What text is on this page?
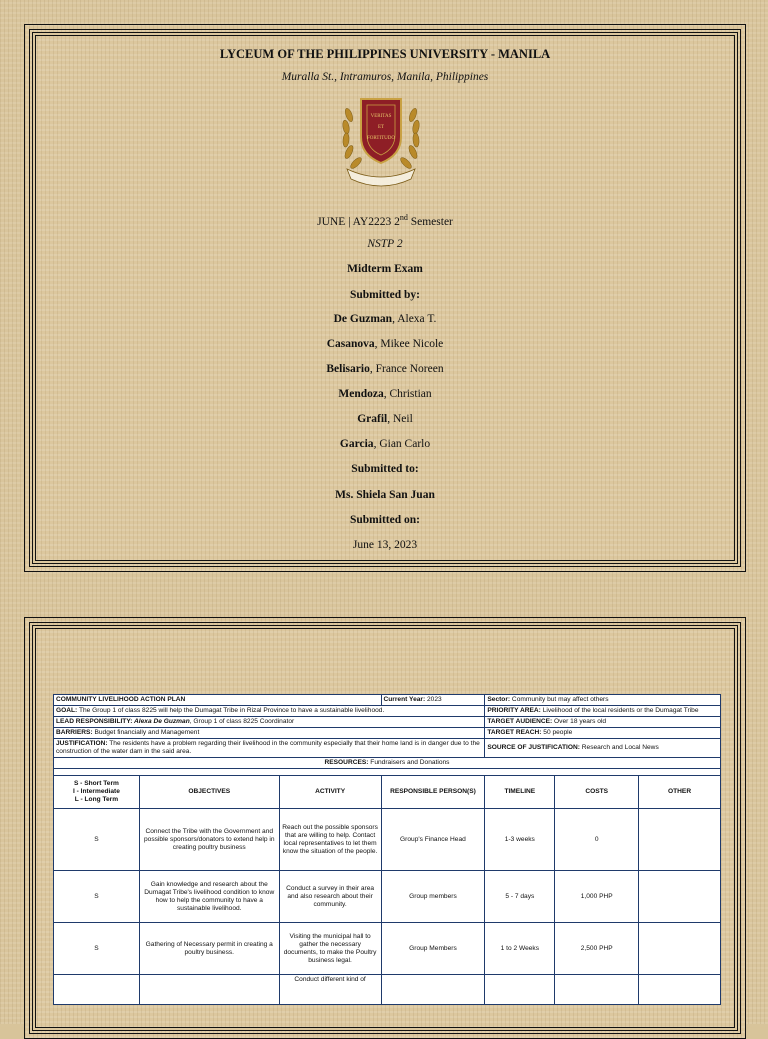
LYCEUM OF THE PHILIPPINES UNIVERSITY - MANILA
Muralla St., Intramuros, Manila, Philippines
VERITAS
ET
FORTITUDO
JUNE | AY2223 2nd Semester
NSTP 2
Midterm Exam
Submitted by:
De Guzman, Alexa T.
Casanova, Mikee Nicole
Belisario, France Noreen
Mendoza, Christian
Grafil, Neil
Garcia, Gian Carlo
Submitted to:
Ms. Shiela San Juan
Submitted on:
June 13, 2023
COMMUNITY LIVELIHOOD ACTION PLAN			Current Year: 2023	Sector: Community but may affect others		
GOAL: The Group 1 of class 8225 will help the Dumagat Tribe in Rizal Province to have a sustainable livelihood.				PRIORITY AREA: Livelihood of the local residents or the Dumagat Tribe		
LEAD RESPONSIBILITY: Alexa De Guzman, Group 1 of class 8225 Coordinator				TARGET AUDIENCE: Over 18 years old		
BARRIERS: Budget financially and Management				TARGET REACH: 50 people		
JUSTIFICATION: The residents have a problem regarding their livelihood in the community especially that their home land is in danger due to the construction of the water dam in the said area.				SOURCE OF JUSTIFICATION: Research and Local News		
RESOURCES: Fundraisers and Donations						

S - Short Term
I - Intermediate
L - Long Term	OBJECTIVES	ACTIVITY	RESPONSIBLE PERSON(S)	TIMELINE	COSTS	OTHER
S	Connect the Tribe with the Government and possible sponsors/donators to extend help in creating poultry business	Reach out the possible sponsors that are willing to help. Contact local representatives to let them know the situation of the people.	Group's Finance Head	1-3 weeks	0	
S	Gain knowledge and research about the Dumagat Tribe's livelihood condition to know how to help the community to have a sustainable livelihood.	Conduct a survey in their area and also research about their community.	Group members	5 - 7 days	1,000 PHP	
S	Gathering of Necessary permit in creating a poultry business.	Visiting the municipal hall to gather the necessary documents, to make the Poultry business legal.	Group Members	1 to 2 Weeks	2,500 PHP	
		Conduct different kind of				
